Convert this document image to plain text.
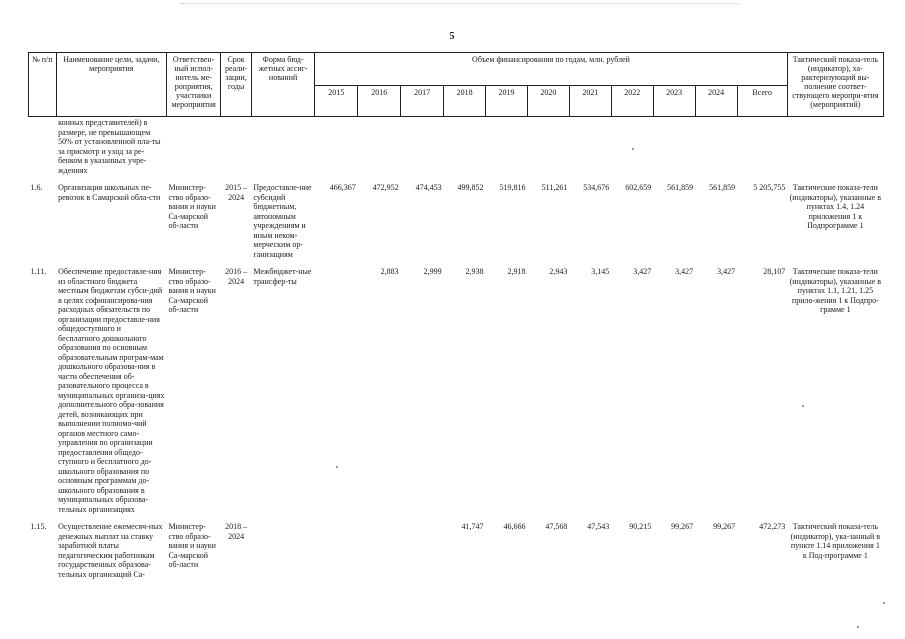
5
№ п/п	Наименование цели, задачи, мероприятия	Ответствен-ный испол-нитель ме-роприятия, участники мероприятия	Срок реали-зации, годы	Форма бюд-жетных ассиг-нований	Объем финансирования по годам, млн. рублей											Тактический показа-тель (индикатор), ха-рактеризующий вы-полнение соответ-ствующего меропри-ятия (мероприятий)
					2015	2016	2017	2018	2019	2020	2021	2022	2023	2024	Всего	
	конных представителей) в размере, не превышающем 50% от установленной пла-ты за присмотр и уход за ре-бенком в указанных учре-ждениях															

1.6.	Организация школьных пе-ревозок в Самарской обла-сти	Министер-ство образо-вания и науки Са-марской об-ласти	2015 – 2024	Предоставле-ние субсидий бюджетным, автономным учреждениям и иным неком-мерческим ор-ганизациям	466,367	472,952	474,453	499,852	519,816	511,261	534,676	602,659	561,859	561,859	5 205,755	Тактические показа-тели (индикаторы), указанные в пунктах 1.4, 1.24 приложения 1 к Подпрограмме 1

1.11.	Обеспечение предоставле-ния из областного бюджета местным бюджетам субси-дий в целях софинансирова-ния расходных обязательств по организации предоставле-ния общедоступного и бесплатного дошкольного образования по основным образовательным програм-мам дошкольного образова-ния в части обеспечения об-разовательного процесса в муниципальных организа-циях дополнительного обра-зования детей, возникающих при выполнении полномо-чий органов местного само-управления по организации предоставления общедо-ступного и бесплатного до-школьного образования по основным программам до-школьного образования в муниципальных образова-тельных организациях	Министер-ство образо-вания и науки Са-марской об-ласти	2016 – 2024	Межбюджет-ные трансфер-ты		2,883	2,999	2,938	2,918	2,943	3,145	3,427	3,427	3,427	28,107	Тактические показа-тели (индикаторы), указанные в пунктах 1.1, 1.21, 1.25 прило-жения 1 к Подпро-грамме 1

1.15.	Осуществление ежемесяч-ных денежных выплат на ставку заработной платы педагогическим работникам государственных образова-тельных организаций Са-	Министер-ство образо-вания и науки Са-марской об-ласти	2018 – 2024					41,747	46,666	47,568	47,543	90,215	99,267	99,267	472,273	Тактический показа-тель (индикатор), ука-занный в пункте 1.14 приложения 1 к Под-программе 1
